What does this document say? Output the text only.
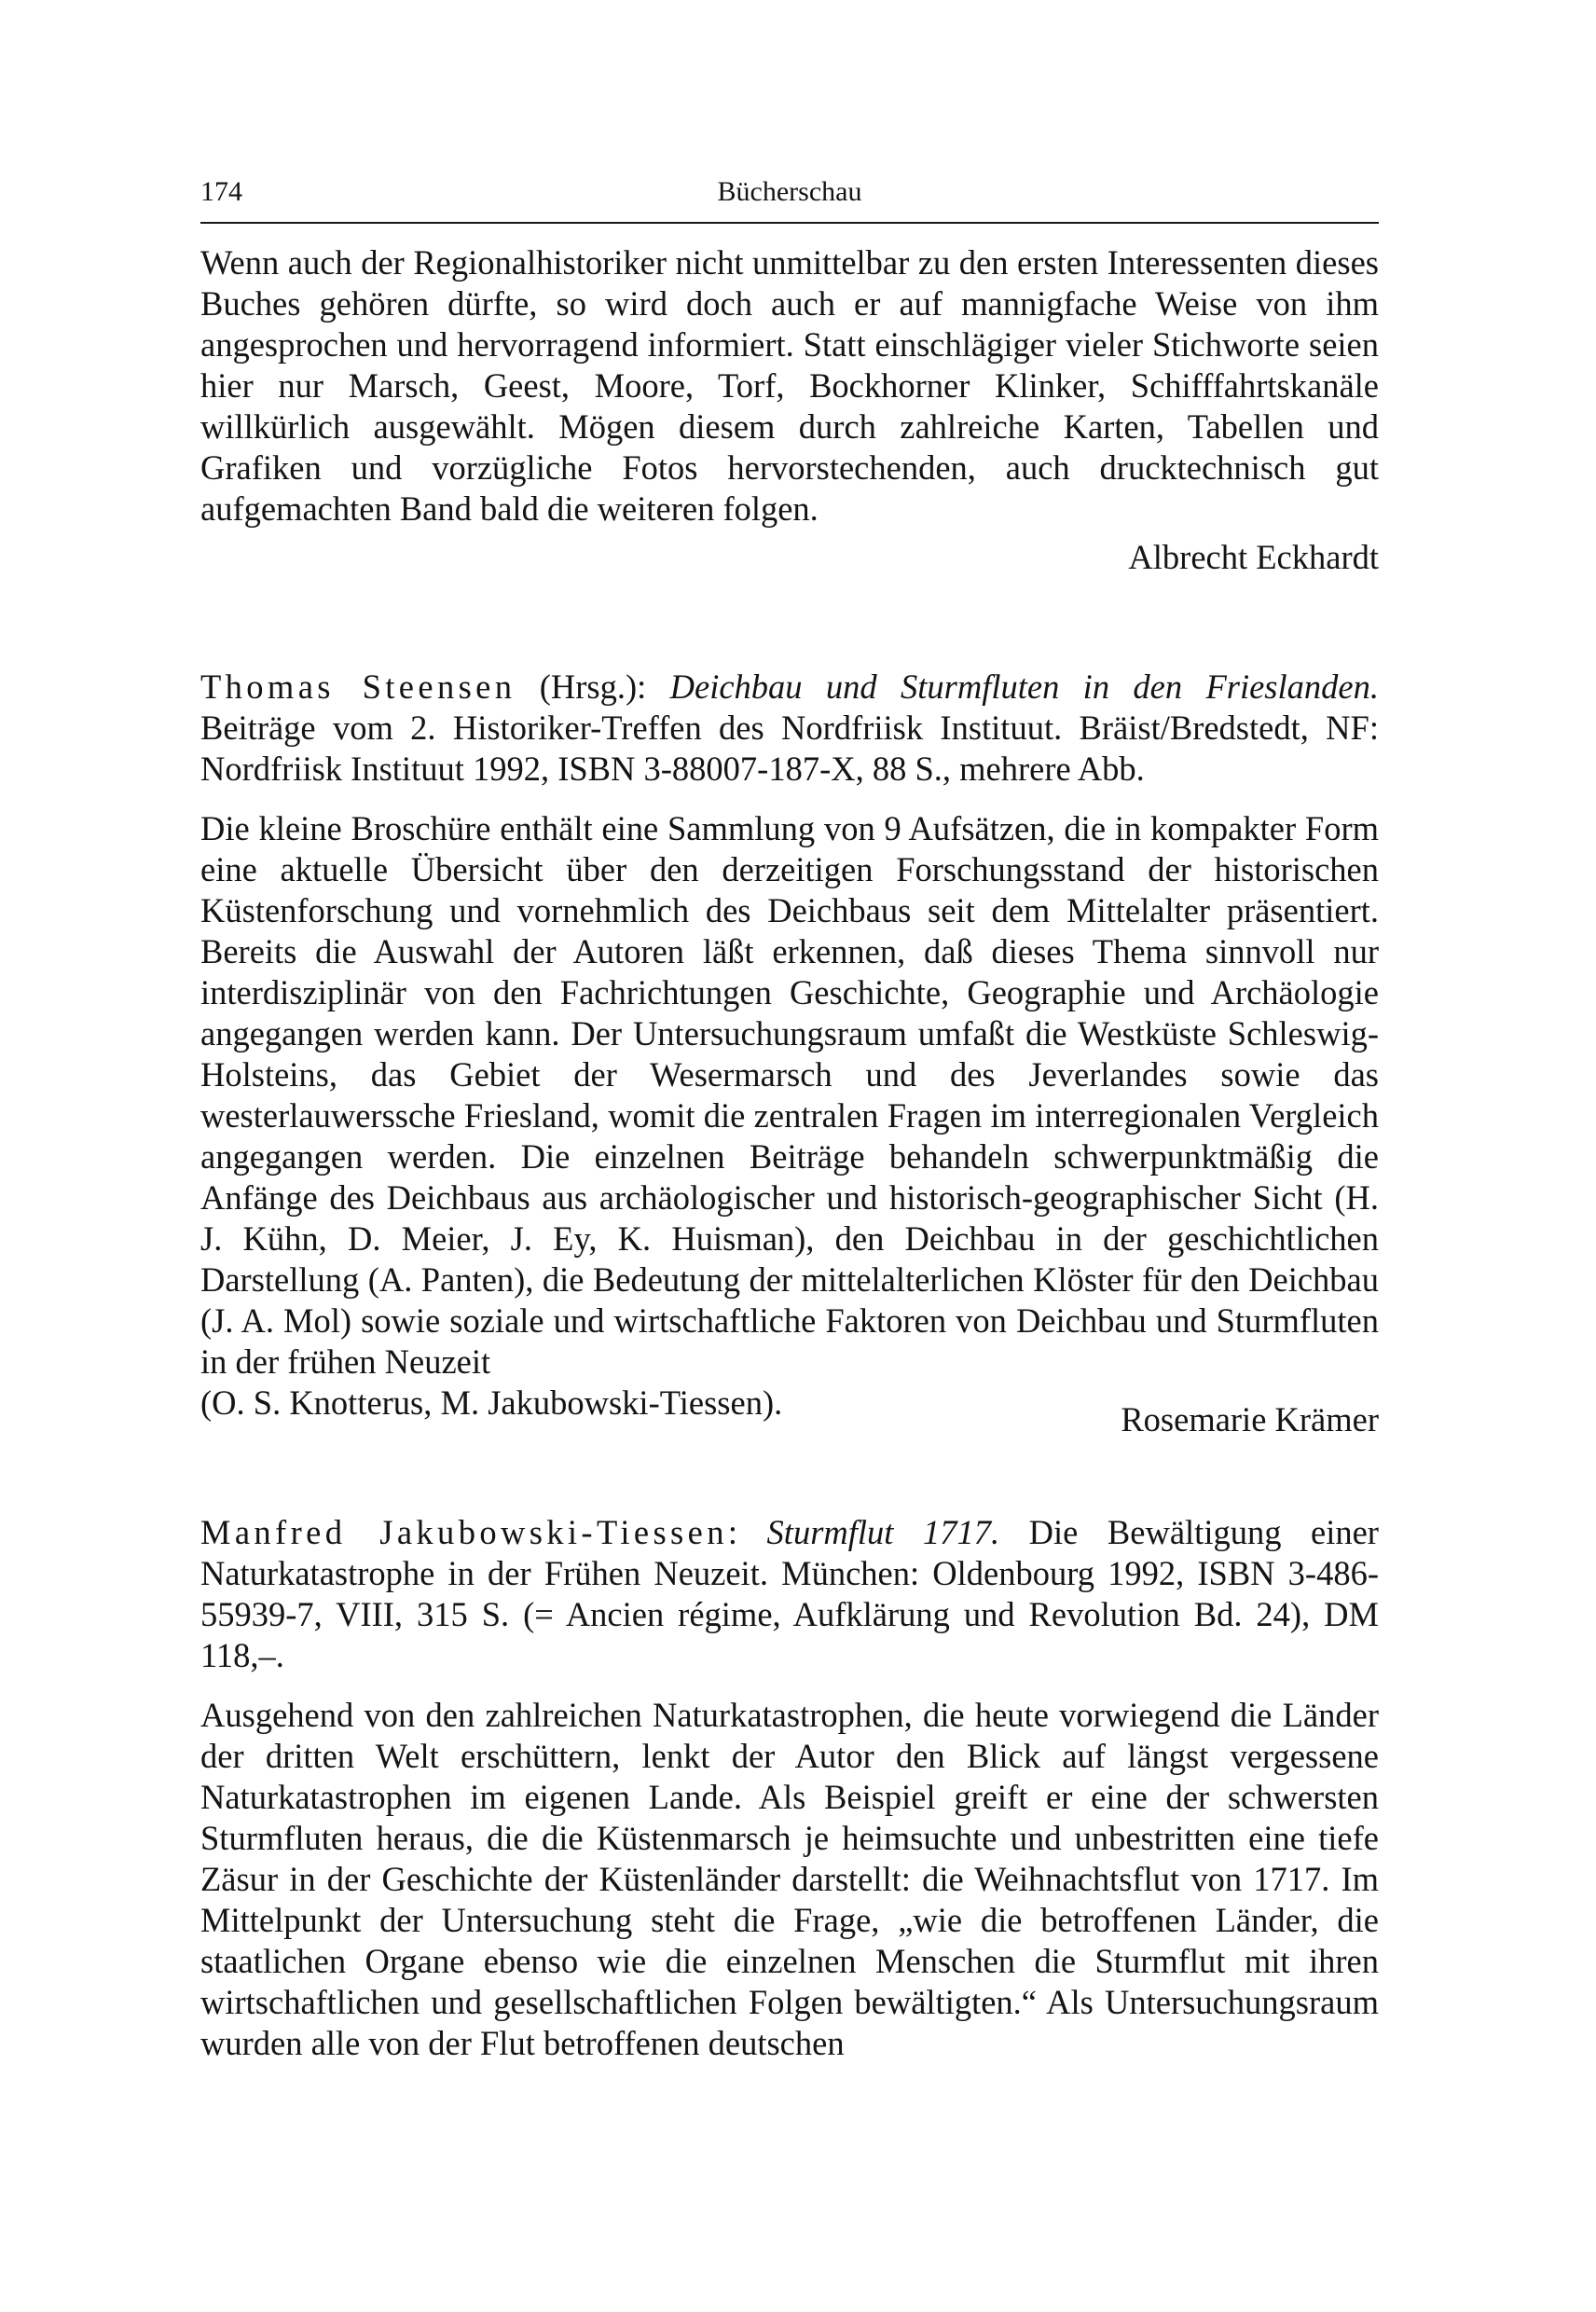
174	Bücherschau

Wenn auch der Regionalhistoriker nicht unmittelbar zu den ersten Interessenten dieses Buches gehören dürfte, so wird doch auch er auf mannigfache Weise von ihm angesprochen und hervorragend informiert. Statt einschlägiger vieler Stichworte seien hier nur Marsch, Geest, Moore, Torf, Bockhorner Klinker, Schifffahrtskanäle willkürlich ausgewählt. Mögen diesem durch zahlreiche Karten, Tabellen und Grafiken und vorzügliche Fotos hervorstechenden, auch drucktechnisch gut aufgemachten Band bald die weiteren folgen.

Albrecht Eckhardt

Thomas Steensen (Hrsg.): Deichbau und Sturmfluten in den Frieslanden. Beiträge vom 2. Historiker-Treffen des Nordfriisk Instituut. Bräist/Bredstedt, NF: Nordfriisk Instituut 1992, ISBN 3-88007-187-X, 88 S., mehrere Abb.

Die kleine Broschüre enthält eine Sammlung von 9 Aufsätzen, die in kompakter Form eine aktuelle Übersicht über den derzeitigen Forschungsstand der historischen Küstenforschung und vornehmlich des Deichbaus seit dem Mittelalter präsentiert. Bereits die Auswahl der Autoren läßt erkennen, daß dieses Thema sinnvoll nur interdisziplinär von den Fachrichtungen Geschichte, Geographie und Archäologie angegangen werden kann. Der Untersuchungsraum umfaßt die Westküste Schleswig-Holsteins, das Gebiet der Wesermarsch und des Jeverlandes sowie das westerlauwerssche Friesland, womit die zentralen Fragen im interregionalen Vergleich angegangen werden. Die einzelnen Beiträge behandeln schwerpunktmäßig die Anfänge des Deichbaus aus archäologischer und historisch-geographischer Sicht (H. J. Kühn, D. Meier, J. Ey, K. Huisman), den Deichbau in der geschichtlichen Darstellung (A. Panten), die Bedeutung der mittelalterlichen Klöster für den Deichbau (J. A. Mol) sowie soziale und wirtschaftliche Faktoren von Deichbau und Sturmfluten in der frühen Neuzeit

(O. S. Knotterus, M. Jakubowski-Tiessen).	Rosemarie Krämer

Manfred Jakubowski-Tiessen: Sturmflut 1717. Die Bewältigung einer Naturkatastrophe in der Frühen Neuzeit. München: Oldenbourg 1992, ISBN 3-486-55939-7, VIII, 315 S. (= Ancien régime, Aufklärung und Revolution Bd. 24), DM 118,–.

Ausgehend von den zahlreichen Naturkatastrophen, die heute vorwiegend die Länder der dritten Welt erschüttern, lenkt der Autor den Blick auf längst vergessene Naturkatastrophen im eigenen Lande. Als Beispiel greift er eine der schwersten Sturmfluten heraus, die die Küstenmarsch je heimsuchte und unbestritten eine tiefe Zäsur in der Geschichte der Küstenländer darstellt: die Weihnachtsflut von 1717. Im Mittelpunkt der Untersuchung steht die Frage, „wie die betroffenen Länder, die staatlichen Organe ebenso wie die einzelnen Menschen die Sturmflut mit ihren wirtschaftlichen und gesellschaftlichen Folgen bewältigten.“ Als Untersuchungsraum wurden alle von der Flut betroffenen deutschen
